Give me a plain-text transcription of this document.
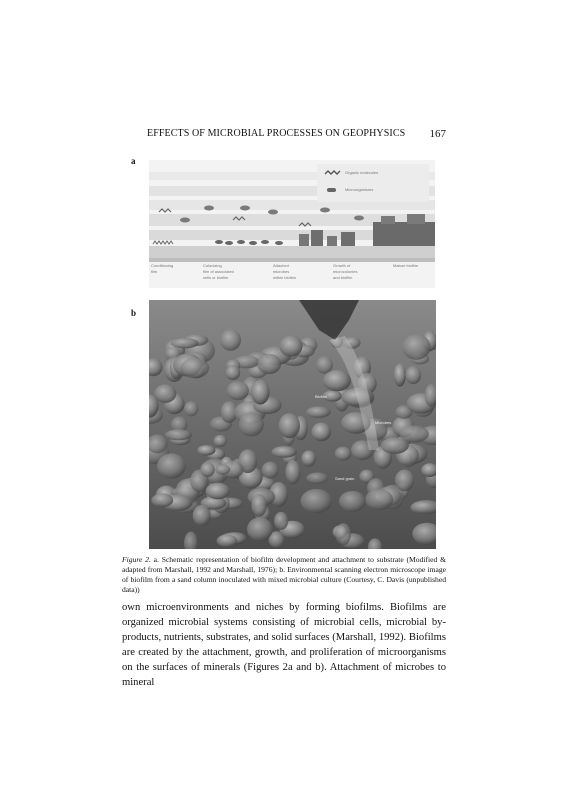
EFFECTS OF MICROBIAL PROCESSES ON GEOPHYSICS 167
a
Organic molecules
Microorganisms
Conditioning
film
Colonizing
film of associated
cells or biofilm
Attached
microbes
within biofilm
Growth of
microcolonies
and biofilm
Mature biofilm
b
Biofilm
Microbes
Sand grain
Figure 2. a. Schematic representation of biofilm development and attachment to substrate (Modified & adapted from Marshall, 1992 and Marshall, 1976); b. Environmental scanning electron microscope image of biofilm from a sand column inoculated with mixed microbial culture (Courtesy, C. Davis (unpublished data))
own microenvironments and niches by forming biofilms. Biofilms are organized microbial systems consisting of microbial cells, microbial by-products, nutrients, substrates, and solid surfaces (Marshall, 1992). Biofilms are created by the attachment, growth, and proliferation of microorganisms on the surfaces of minerals (Figures 2a and b). Attachment of microbes to mineral
